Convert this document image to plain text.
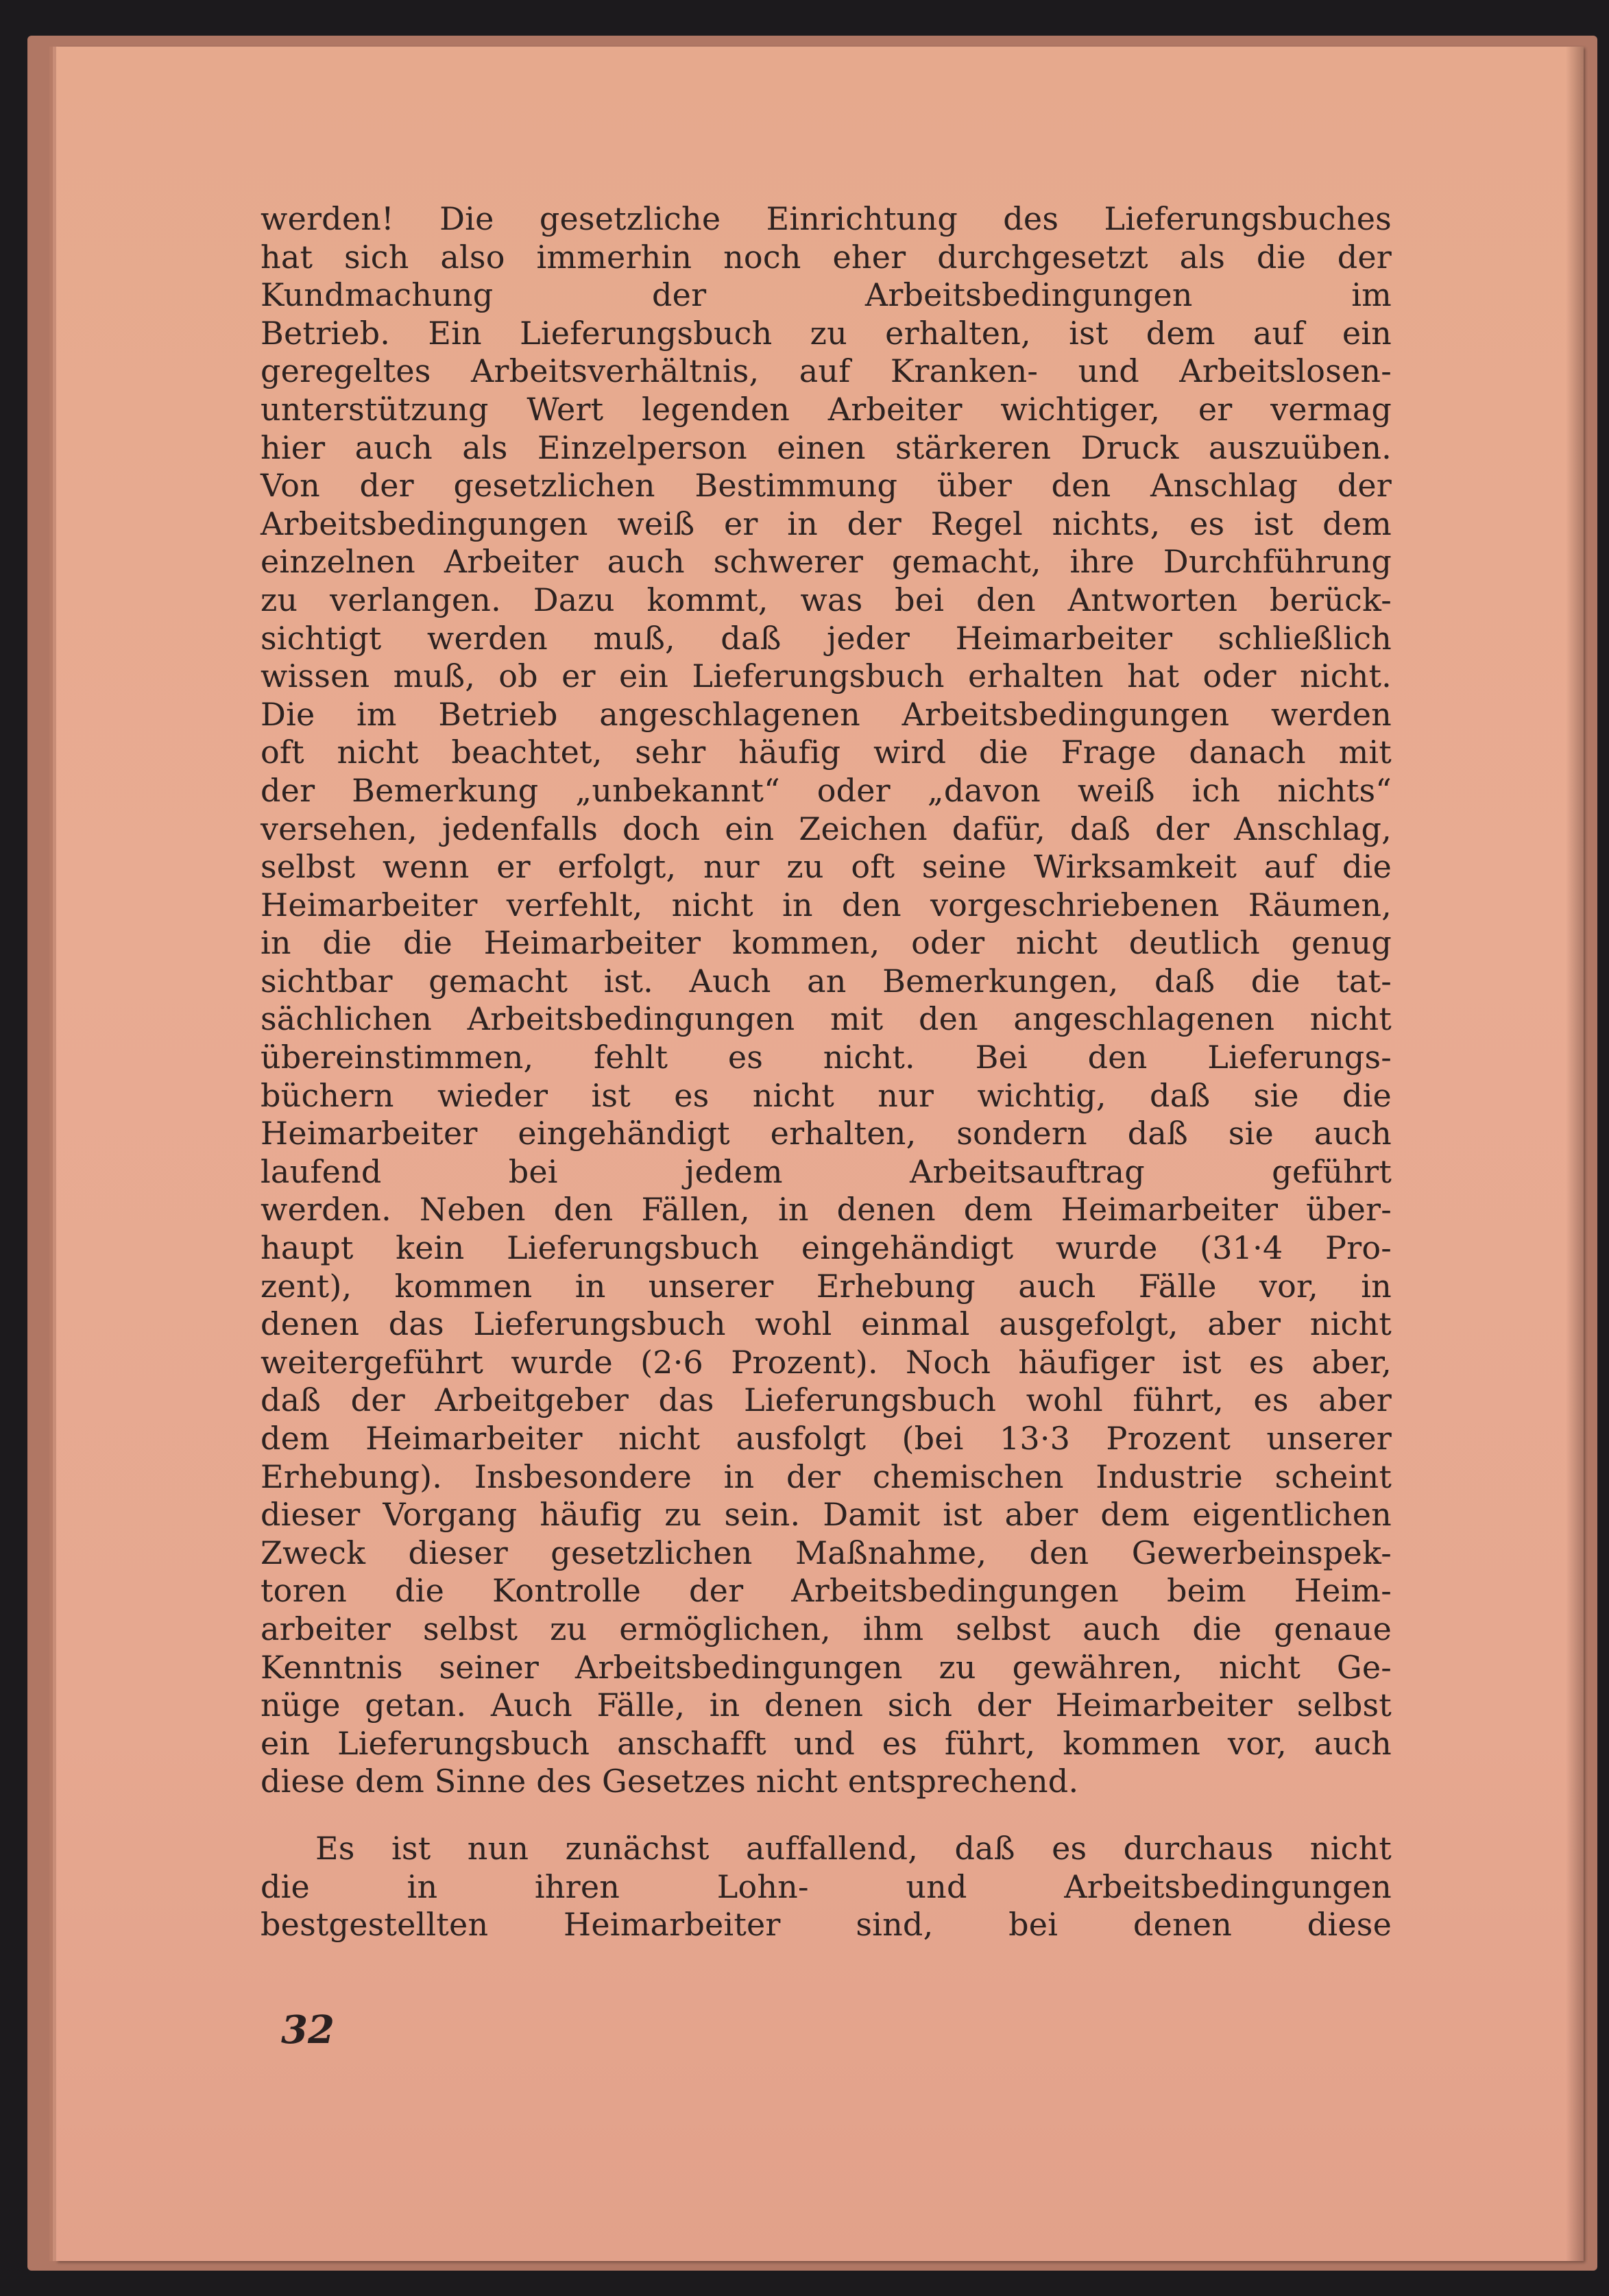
werden! Die gesetzliche Einrichtung des Lieferungsbuches
hat sich also immerhin noch eher durchgesetzt als die der
Kundmachung der Arbeitsbedingungen im
Betrieb. Ein Lieferungsbuch zu erhalten, ist dem auf ein
geregeltes Arbeitsverhältnis, auf Kranken- und Arbeitslosen-
unterstützung Wert legenden Arbeiter wichtiger, er vermag
hier auch als Einzelperson einen stärkeren Druck auszuüben.
Von der gesetzlichen Bestimmung über den Anschlag der
Arbeitsbedingungen weiß er in der Regel nichts, es ist dem
einzelnen Arbeiter auch schwerer gemacht, ihre Durchführung
zu verlangen. Dazu kommt, was bei den Antworten berück-
sichtigt werden muß, daß jeder Heimarbeiter schließlich
wissen muß, ob er ein Lieferungsbuch erhalten hat oder nicht.
Die im Betrieb angeschlagenen Arbeitsbedingungen werden
oft nicht beachtet, sehr häufig wird die Frage danach mit
der Bemerkung „unbekannt“ oder „davon weiß ich nichts“
versehen, jedenfalls doch ein Zeichen dafür, daß der Anschlag,
selbst wenn er erfolgt, nur zu oft seine Wirksamkeit auf die
Heimarbeiter verfehlt, nicht in den vorgeschriebenen Räumen,
in die die Heimarbeiter kommen, oder nicht deutlich genug
sichtbar gemacht ist. Auch an Bemerkungen, daß die tat-
sächlichen Arbeitsbedingungen mit den angeschlagenen nicht
übereinstimmen, fehlt es nicht. Bei den Lieferungs-
büchern wieder ist es nicht nur wichtig, daß sie die
Heimarbeiter eingehändigt erhalten, sondern daß sie auch
laufend bei jedem Arbeitsauftrag geführt
werden. Neben den Fällen, in denen dem Heimarbeiter über-
haupt kein Lieferungsbuch eingehändigt wurde (31·4 Pro-
zent), kommen in unserer Erhebung auch Fälle vor, in
denen das Lieferungsbuch wohl einmal ausgefolgt, aber nicht
weitergeführt wurde (2·6 Prozent). Noch häufiger ist es aber,
daß der Arbeitgeber das Lieferungsbuch wohl führt, es aber
dem Heimarbeiter nicht ausfolgt (bei 13·3 Prozent unserer
Erhebung). Insbesondere in der chemischen Industrie scheint
dieser Vorgang häufig zu sein. Damit ist aber dem eigentlichen
Zweck dieser gesetzlichen Maßnahme, den Gewerbeinspek-
toren die Kontrolle der Arbeitsbedingungen beim Heim-
arbeiter selbst zu ermöglichen, ihm selbst auch die genaue
Kenntnis seiner Arbeitsbedingungen zu gewähren, nicht Ge-
nüge getan. Auch Fälle, in denen sich der Heimarbeiter selbst
ein Lieferungsbuch anschafft und es führt, kommen vor, auch
diese dem Sinne des Gesetzes nicht entsprechend.
Es ist nun zunächst auffallend, daß es durchaus nicht
die in ihren Lohn- und Arbeitsbedingungen
bestgestellten Heimarbeiter sind, bei denen diese
32
